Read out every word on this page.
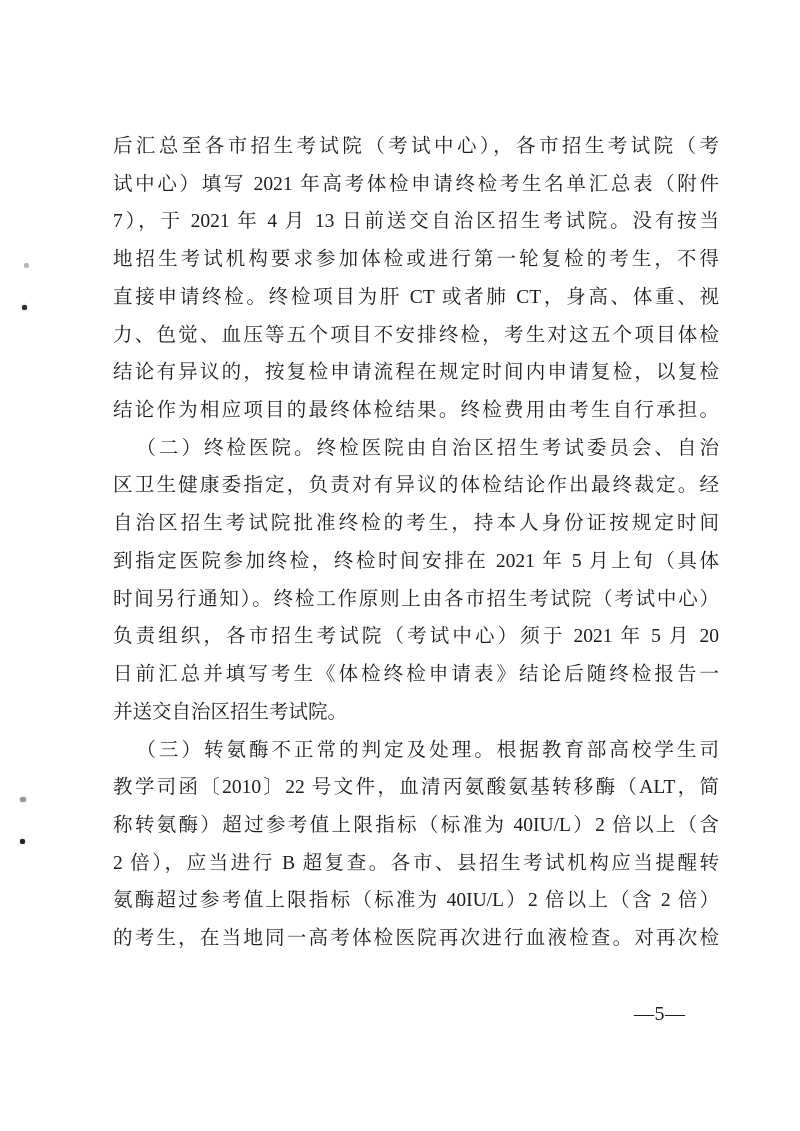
后汇总至各市招生考试院（考试中心），各市招生考试院（考
试中心）填写 2021 年高考体检申请终检考生名单汇总表（附件
7），于 2021 年 4 月 13 日前送交自治区招生考试院。没有按当
地招生考试机构要求参加体检或进行第一轮复检的考生，不得
直接申请终检。终检项目为肝 CT 或者肺 CT，身高、体重、视
力、色觉、血压等五个项目不安排终检，考生对这五个项目体检
结论有异议的，按复检申请流程在规定时间内申请复检，以复检
结论作为相应项目的最终体检结果。终检费用由考生自行承担。
（二）终检医院。终检医院由自治区招生考试委员会、自治
区卫生健康委指定，负责对有异议的体检结论作出最终裁定。经
自治区招生考试院批准终检的考生，持本人身份证按规定时间
到指定医院参加终检，终检时间安排在 2021 年 5 月上旬（具体
时间另行通知）。终检工作原则上由各市招生考试院（考试中心）
负责组织，各市招生考试院（考试中心）须于 2021 年 5 月 20
日前汇总并填写考生《体检终检申请表》结论后随终检报告一
并送交自治区招生考试院。
（三）转氨酶不正常的判定及处理。根据教育部高校学生司
教学司函〔2010〕22 号文件，血清丙氨酸氨基转移酶（ALT，简
称转氨酶）超过参考值上限指标（标准为 40IU/L）2 倍以上（含
2 倍），应当进行 B 超复查。各市、县招生考试机构应当提醒转
氨酶超过参考值上限指标（标准为 40IU/L）2 倍以上（含 2 倍）
的考生，在当地同一高考体检医院再次进行血液检查。对再次检
—5—
